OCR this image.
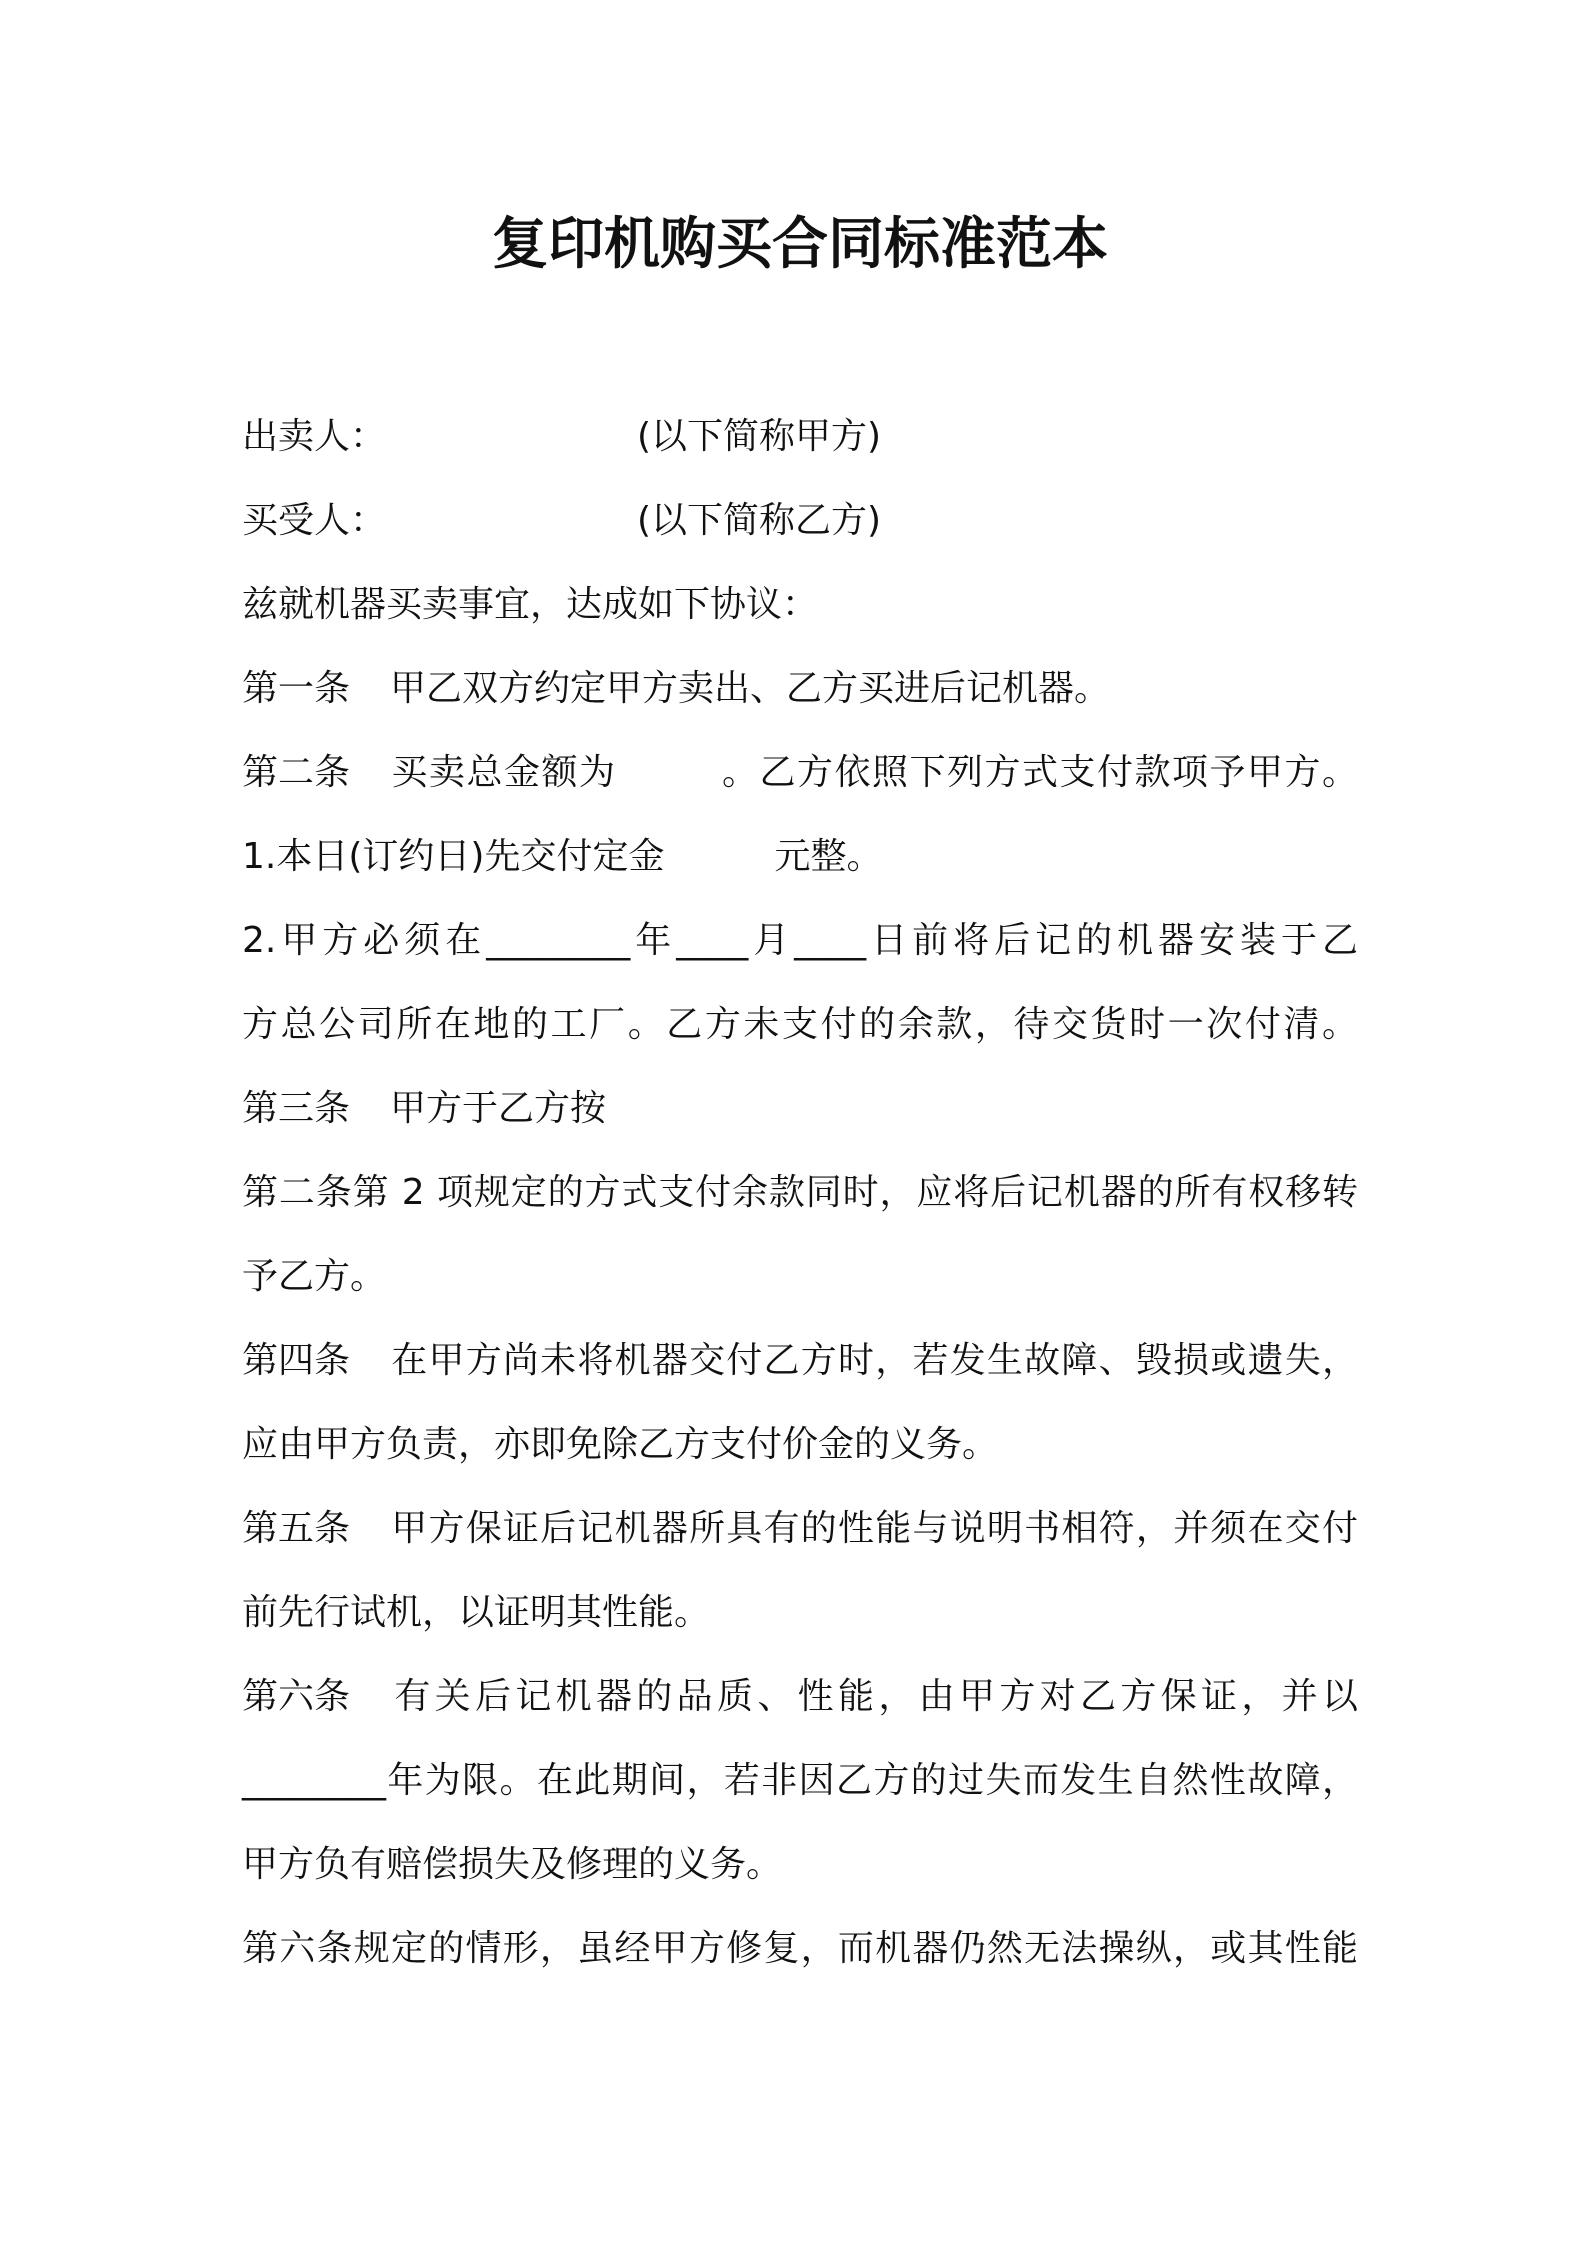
复印机购买合同标准范本
出卖人：	(以下简称甲方)
买受人：	(以下简称乙方)
兹就机器买卖事宜，达成如下协议：
第一条 甲乙双方约定甲方卖出、乙方买进后记机器。
第二条 买卖总金额为	。乙方依照下列方式支付款项予甲方。
1.本日(订约日)先交付定金	元整。
2.甲方必须在________年____月____日前将后记的机器安装于乙
方总公司所在地的工厂。乙方未支付的余款，待交货时一次付清。
第三条 甲方于乙方按
第二条第 2 项规定的方式支付余款同时，应将后记机器的所有权移转
予乙方。
第四条 在甲方尚未将机器交付乙方时，若发生故障、毁损或遗失，
应由甲方负责，亦即免除乙方支付价金的义务。
第五条 甲方保证后记机器所具有的性能与说明书相符，并须在交付
前先行试机，以证明其性能。
第六条 有关后记机器的品质、性能，由甲方对乙方保证，并以
________年为限。在此期间，若非因乙方的过失而发生自然性故障，
甲方负有赔偿损失及修理的义务。
第六条规定的情形，虽经甲方修复，而机器仍然无法操纵，或其性能
